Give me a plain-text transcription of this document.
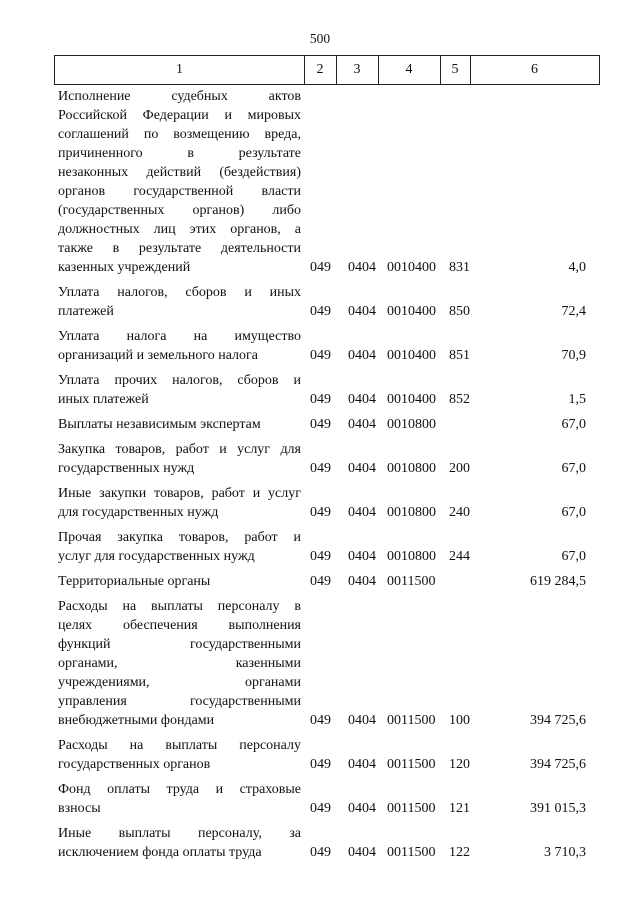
500
1	2	3	4	5	6
Исполнение судебных актов
Российской Федерации и мировых
соглашений по возмещению вреда,
причиненного в результате
незаконных действий (бездействия)
органов государственной власти
(государственных органов) либо
должностных лиц этих органов, а
также в результате деятельности
казенных учреждений	049 0404 0010400 831	4,0
Уплата налогов, сборов и иных
платежей	049 0404 0010400 850	72,4
Уплата налога на имущество
организаций и земельного налога	049 0404 0010400 851	70,9
Уплата прочих налогов, сборов и
иных платежей	049 0404 0010400 852	1,5
Выплаты независимым экспертам	049 0404 0010800	67,0
Закупка товаров, работ и услуг для
государственных нужд	049 0404 0010800 200	67,0
Иные закупки товаров, работ и услуг
для государственных нужд	049 0404 0010800 240	67,0
Прочая закупка товаров, работ и
услуг для государственных нужд	049 0404 0010800 244	67,0
Территориальные органы	049 0404 0011500	619 284,5
Расходы на выплаты персоналу в
целях обеспечения выполнения
функций государственными
органами, казенными
учреждениями, органами
управления государственными
внебюджетными фондами	049 0404 0011500 100	394 725,6
Расходы на выплаты персоналу
государственных органов	049 0404 0011500 120	394 725,6
Фонд оплаты труда и страховые
взносы	049 0404 0011500 121	391 015,3
Иные выплаты персоналу, за
исключением фонда оплаты труда	049 0404 0011500 122	3 710,3
